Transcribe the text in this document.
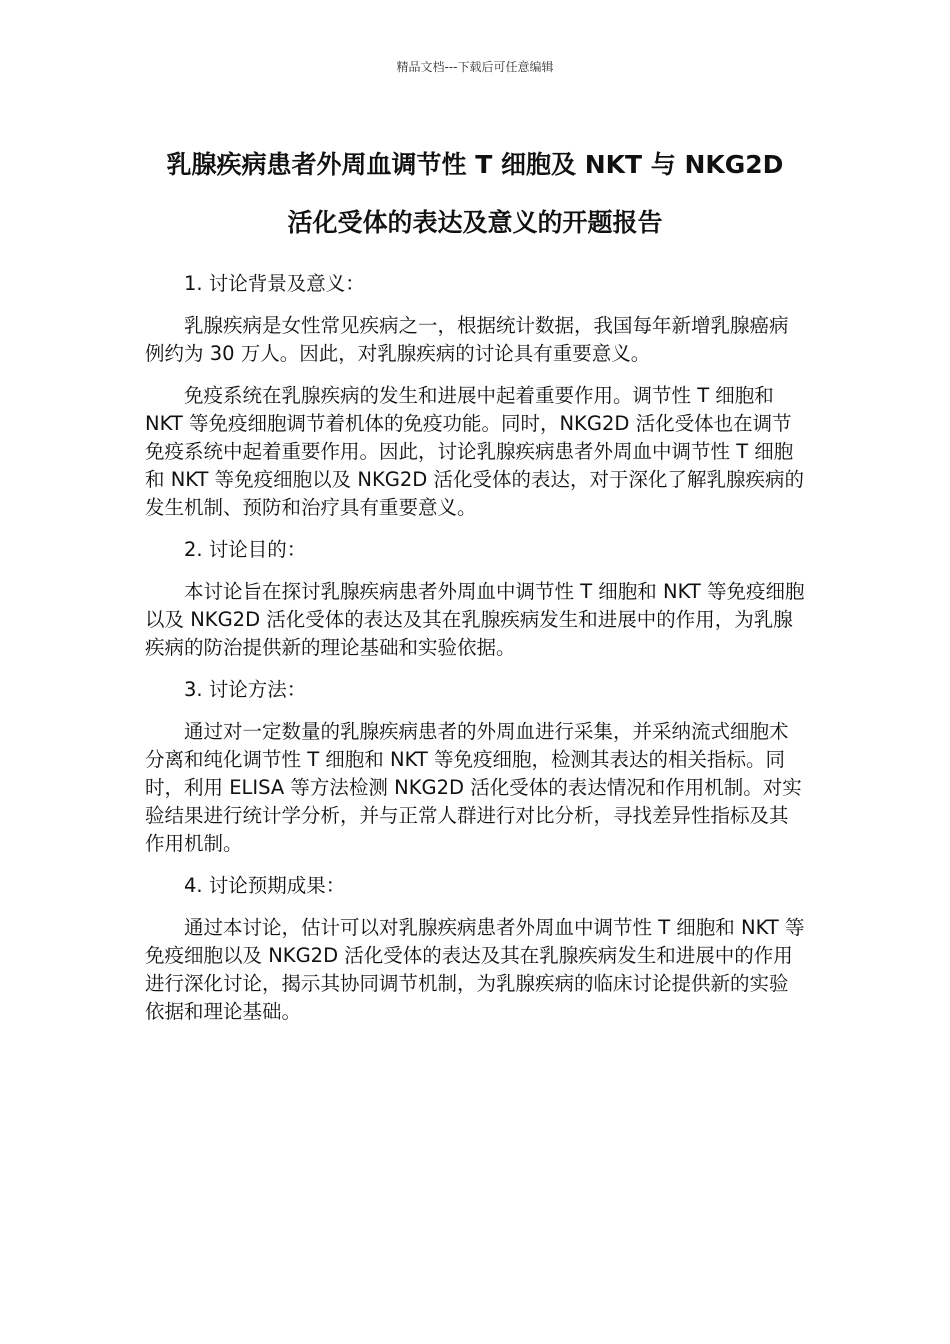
精品文档---下载后可任意编辑
乳腺疾病患者外周血调节性 T 细胞及 NKT 与 NKG2D
活化受体的表达及意义的开题报告

1. 讨论背景及意义：

乳腺疾病是女性常见疾病之一，根据统计数据，我国每年新增乳腺癌病例约为 30 万人。因此，对乳腺疾病的讨论具有重要意义。

免疫系统在乳腺疾病的发生和进展中起着重要作用。调节性 T 细胞和 NKT 等免疫细胞调节着机体的免疫功能。同时，NKG2D 活化受体也在调节免疫系统中起着重要作用。因此，讨论乳腺疾病患者外周血中调节性 T 细胞和 NKT 等免疫细胞以及 NKG2D 活化受体的表达，对于深化了解乳腺疾病的发生机制、预防和治疗具有重要意义。

2. 讨论目的：

本讨论旨在探讨乳腺疾病患者外周血中调节性 T 细胞和 NKT 等免疫细胞以及 NKG2D 活化受体的表达及其在乳腺疾病发生和进展中的作用，为乳腺疾病的防治提供新的理论基础和实验依据。

3. 讨论方法：

通过对一定数量的乳腺疾病患者的外周血进行采集，并采纳流式细胞术分离和纯化调节性 T 细胞和 NKT 等免疫细胞，检测其表达的相关指标。同时，利用 ELISA 等方法检测 NKG2D 活化受体的表达情况和作用机制。对实验结果进行统计学分析，并与正常人群进行对比分析，寻找差异性指标及其作用机制。

4. 讨论预期成果：

通过本讨论，估计可以对乳腺疾病患者外周血中调节性 T 细胞和 NKT 等免疫细胞以及 NKG2D 活化受体的表达及其在乳腺疾病发生和进展中的作用进行深化讨论，揭示其协同调节机制，为乳腺疾病的临床讨论提供新的实验依据和理论基础。
